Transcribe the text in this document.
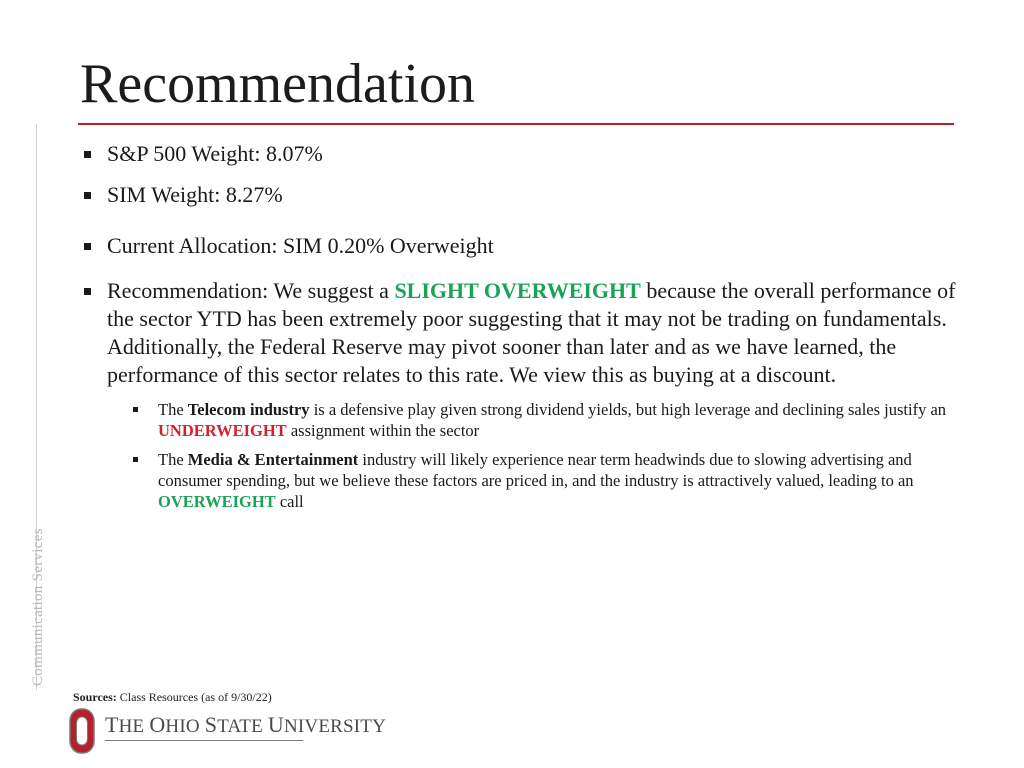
Recommendation
Communication Services
S&P 500 Weight: 8.07%
SIM Weight: 8.27%
Current Allocation: SIM 0.20% Overweight
Recommendation: We suggest a SLIGHT OVERWEIGHT because the overall performance of the sector YTD has been extremely poor suggesting that it may not be trading on fundamentals. Additionally, the Federal Reserve may pivot sooner than later and as we have learned, the performance of this sector relates to this rate. We view this as buying at a discount.
The Telecom industry is a defensive play given strong dividend yields, but high leverage and declining sales justify an UNDERWEIGHT assignment within the sector
The Media & Entertainment industry will likely experience near term headwinds due to slowing advertising and consumer spending, but we believe these factors are priced in, and the industry is attractively valued, leading to an OVERWEIGHT call
Sources: Class Resources (as of 9/30/22)
THE OHIO STATE UNIVERSITY
